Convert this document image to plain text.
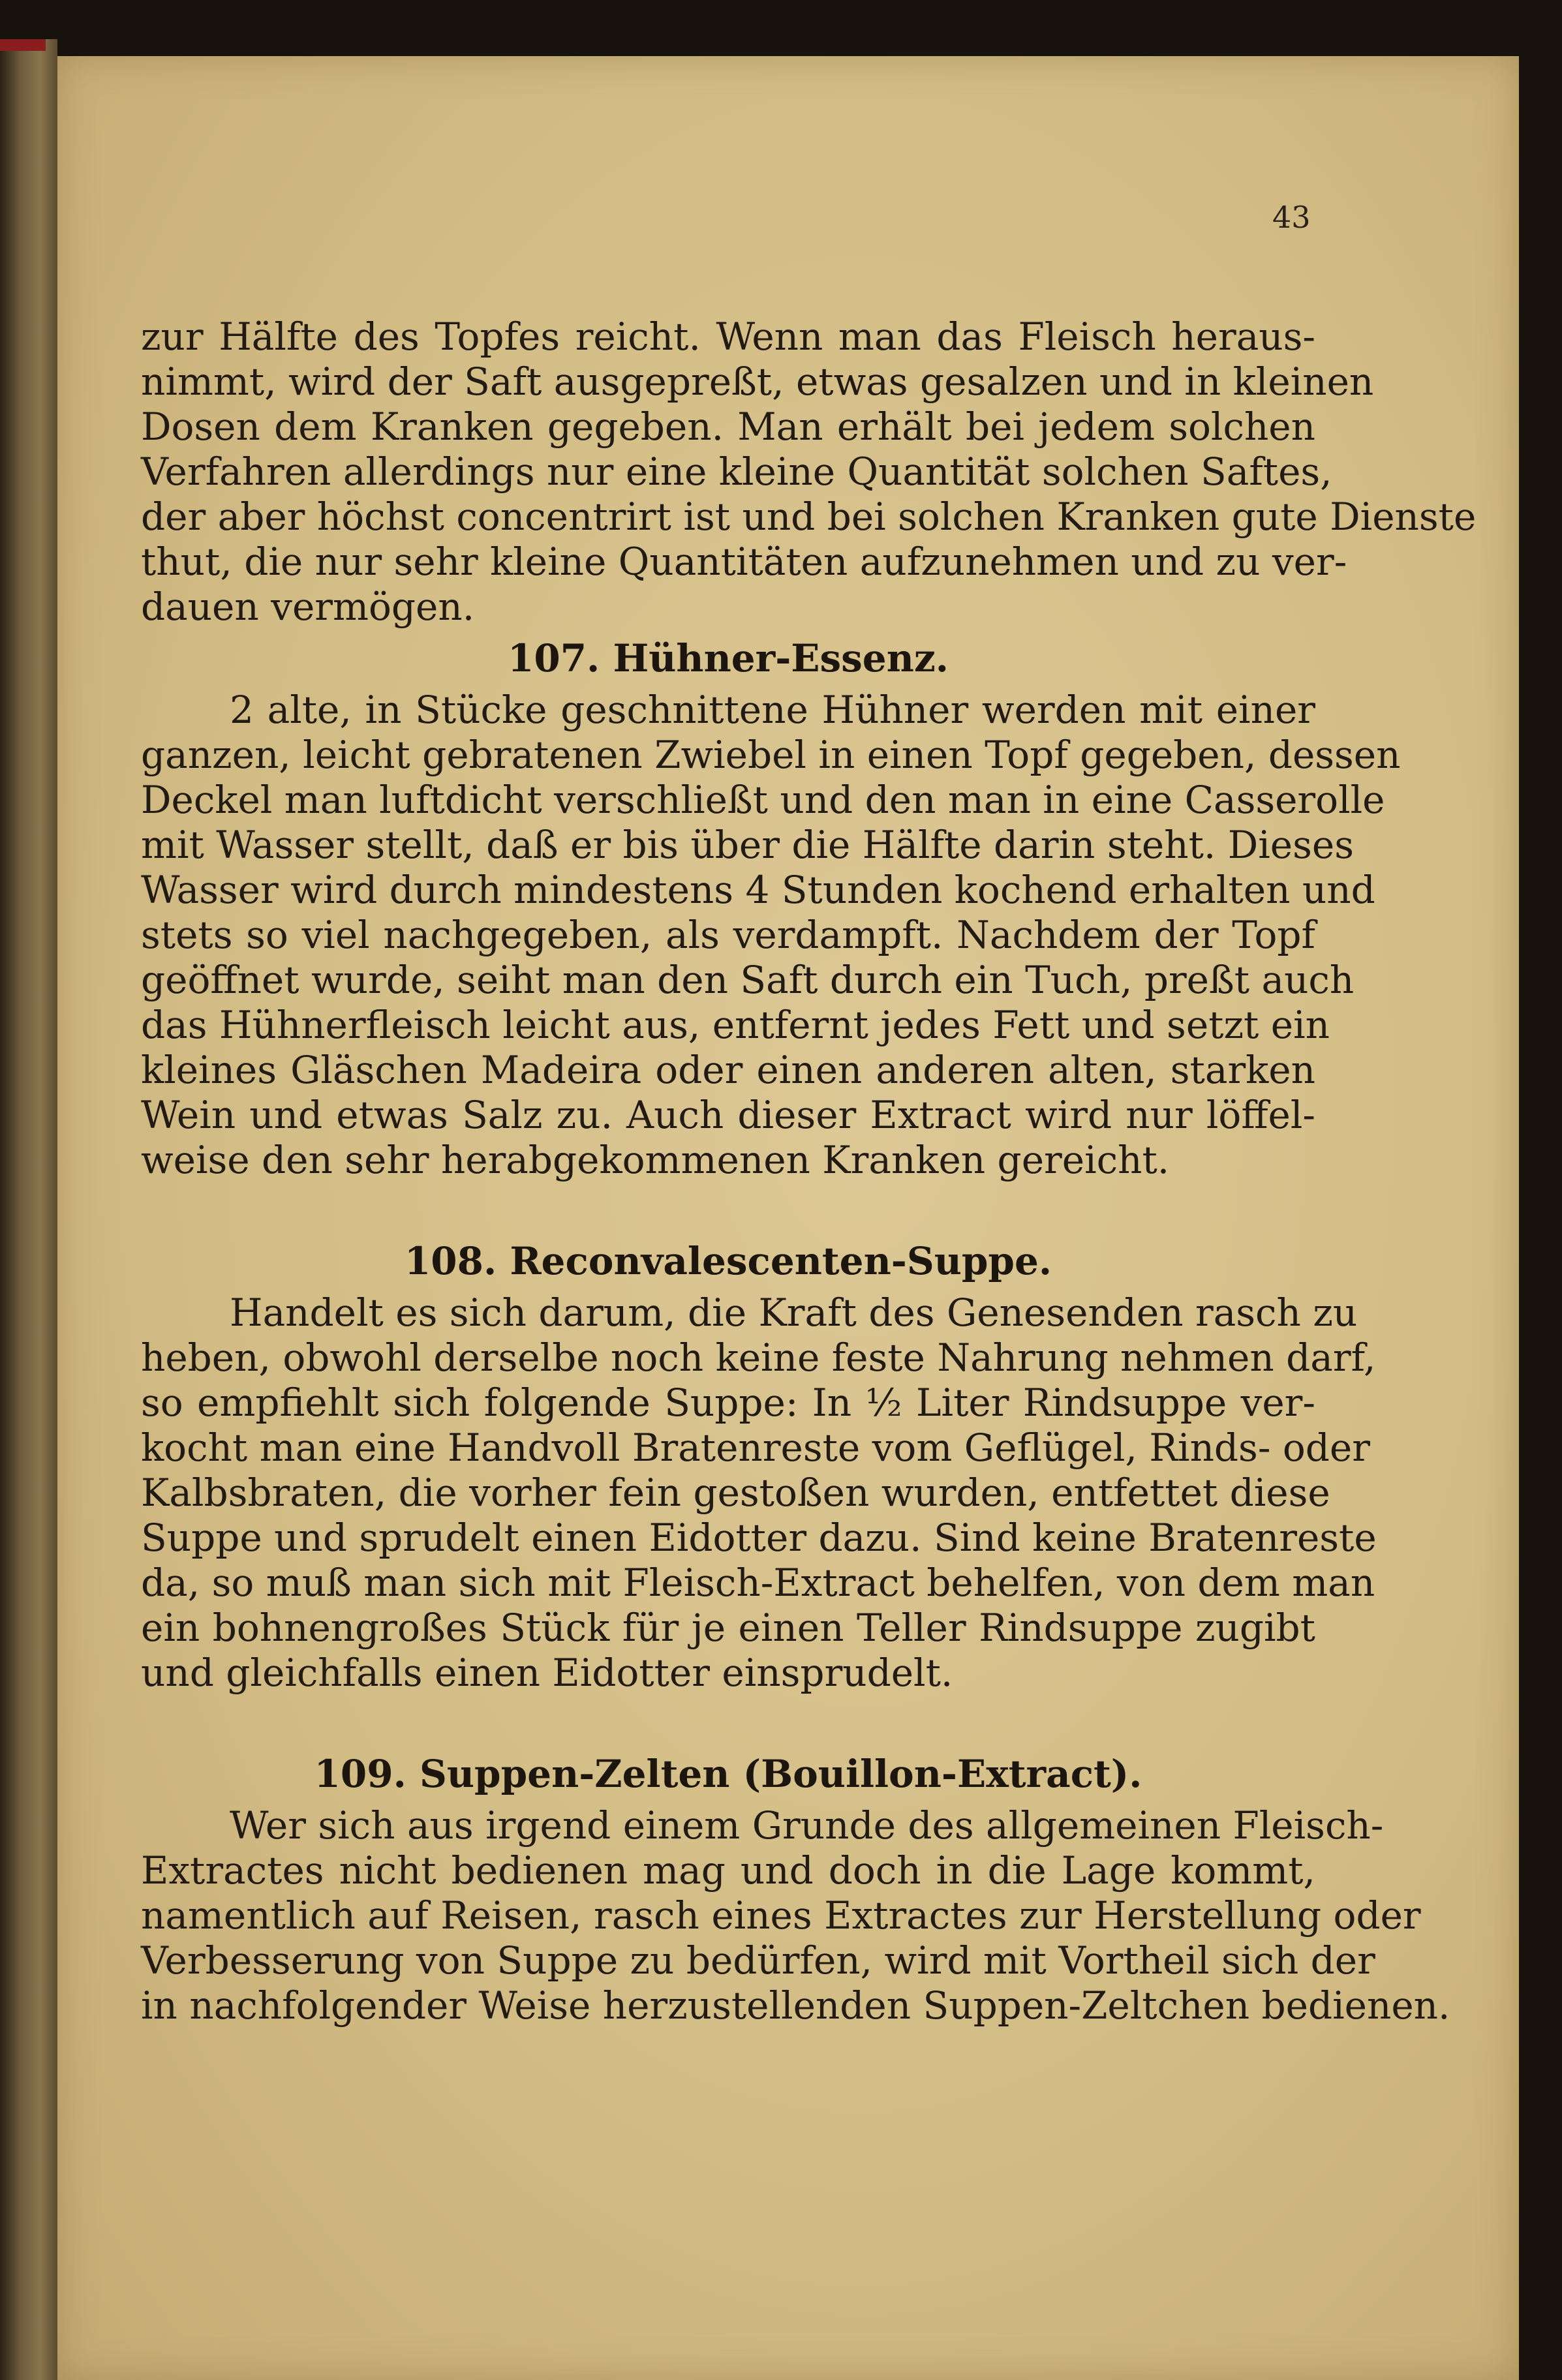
43
zur Hälfte des Topfes reicht. Wenn man das Fleisch heraus-
nimmt, wird der Saft ausgepreßt, etwas gesalzen und in kleinen
Dosen dem Kranken gegeben. Man erhält bei jedem solchen
Verfahren allerdings nur eine kleine Quantität solchen Saftes,
der aber höchst concentrirt ist und bei solchen Kranken gute Dienste
thut, die nur sehr kleine Quantitäten aufzunehmen und zu ver-
dauen vermögen.
107. Hühner-Essenz.
2 alte, in Stücke geschnittene Hühner werden mit einer
ganzen, leicht gebratenen Zwiebel in einen Topf gegeben, dessen
Deckel man luftdicht verschließt und den man in eine Casserolle
mit Wasser stellt, daß er bis über die Hälfte darin steht. Dieses
Wasser wird durch mindestens 4 Stunden kochend erhalten und
stets so viel nachgegeben, als verdampft. Nachdem der Topf
geöffnet wurde, seiht man den Saft durch ein Tuch, preßt auch
das Hühnerfleisch leicht aus, entfernt jedes Fett und setzt ein
kleines Gläschen Madeira oder einen anderen alten, starken
Wein und etwas Salz zu. Auch dieser Extract wird nur löffel-
weise den sehr herabgekommenen Kranken gereicht.
108. Reconvalescenten-Suppe.
Handelt es sich darum, die Kraft des Genesenden rasch zu
heben, obwohl derselbe noch keine feste Nahrung nehmen darf,
so empfiehlt sich folgende Suppe: In ½ Liter Rindsuppe ver-
kocht man eine Handvoll Bratenreste vom Geflügel, Rinds- oder
Kalbsbraten, die vorher fein gestoßen wurden, entfettet diese
Suppe und sprudelt einen Eidotter dazu. Sind keine Bratenreste
da, so muß man sich mit Fleisch-Extract behelfen, von dem man
ein bohnengroßes Stück für je einen Teller Rindsuppe zugibt
und gleichfalls einen Eidotter einsprudelt.
109. Suppen-Zelten (Bouillon-Extract).
Wer sich aus irgend einem Grunde des allgemeinen Fleisch-
Extractes nicht bedienen mag und doch in die Lage kommt,
namentlich auf Reisen, rasch eines Extractes zur Herstellung oder
Verbesserung von Suppe zu bedürfen, wird mit Vortheil sich der
in nachfolgender Weise herzustellenden Suppen-Zeltchen bedienen.
